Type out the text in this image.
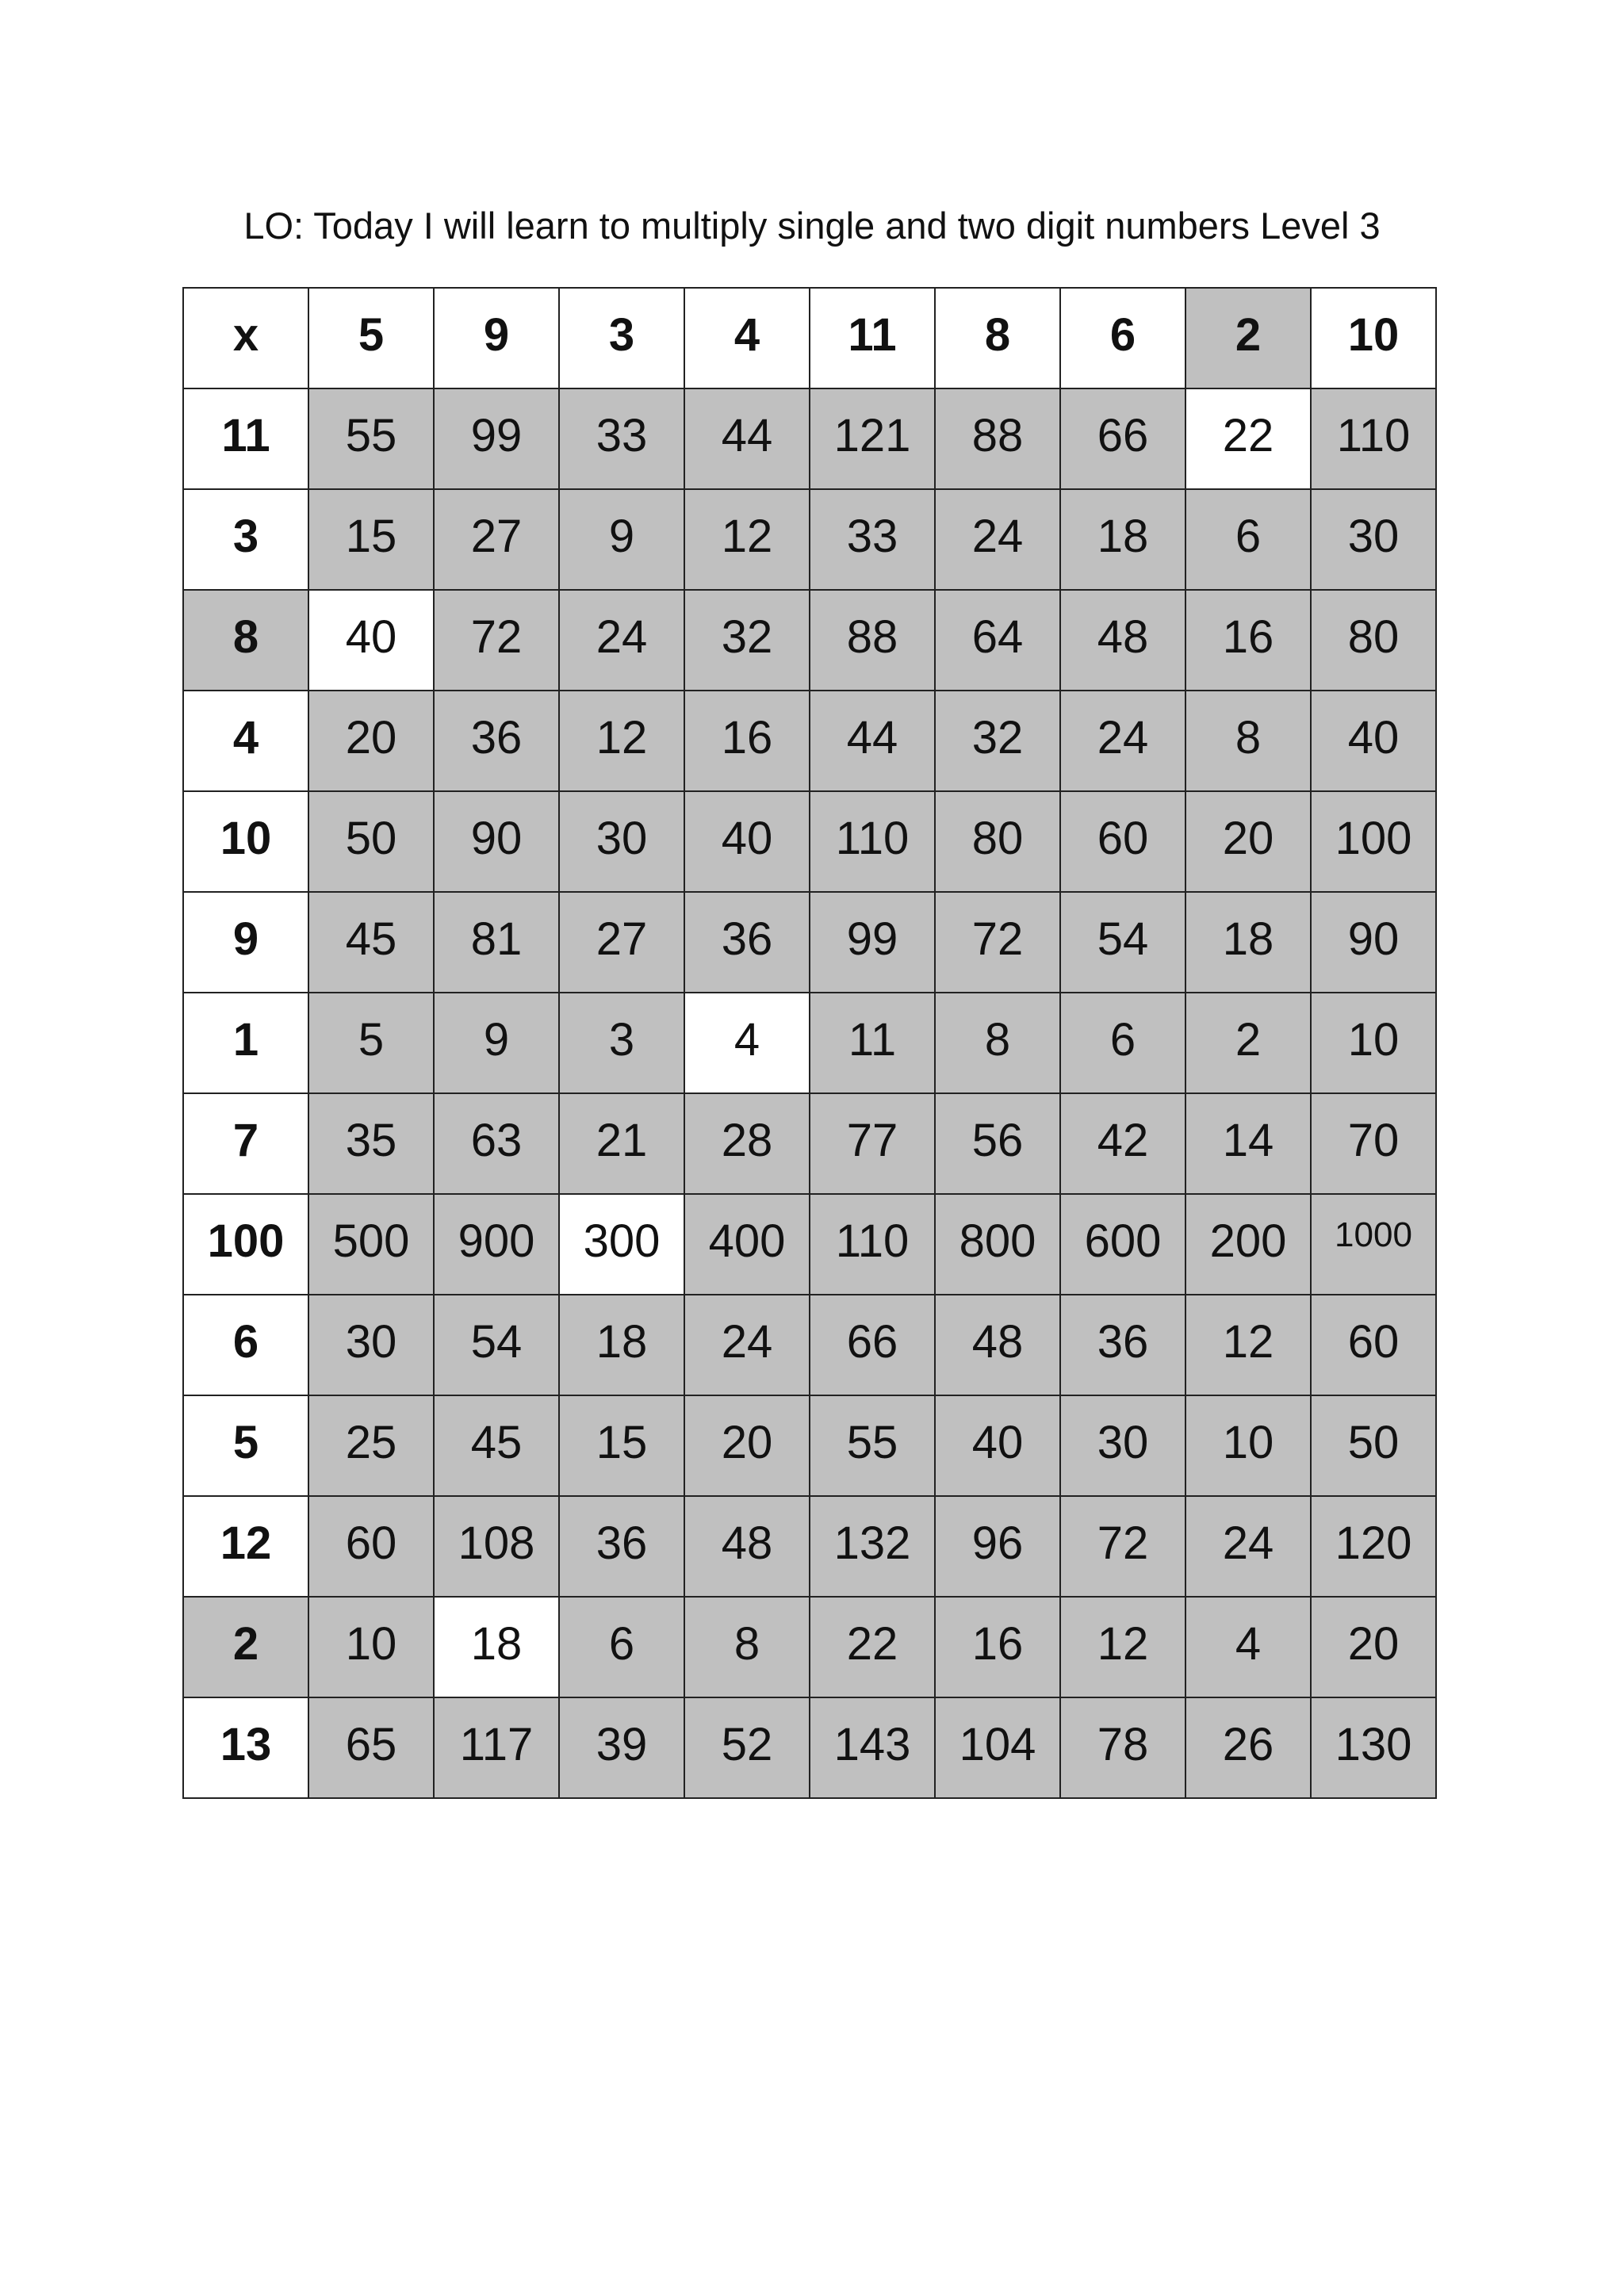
LO: Today I will learn to multiply single and two digit numbers Level 3
x	5	9	3	4	11	8	6	2	10
11	55	99	33	44	121	88	66	22	110
3	15	27	9	12	33	24	18	6	30
8	40	72	24	32	88	64	48	16	80
4	20	36	12	16	44	32	24	8	40
10	50	90	30	40	110	80	60	20	100
9	45	81	27	36	99	72	54	18	90
1	5	9	3	4	11	8	6	2	10
7	35	63	21	28	77	56	42	14	70
100	500	900	300	400	110	800	600	200	1000
6	30	54	18	24	66	48	36	12	60
5	25	45	15	20	55	40	30	10	50
12	60	108	36	48	132	96	72	24	120
2	10	18	6	8	22	16	12	4	20
13	65	117	39	52	143	104	78	26	130
